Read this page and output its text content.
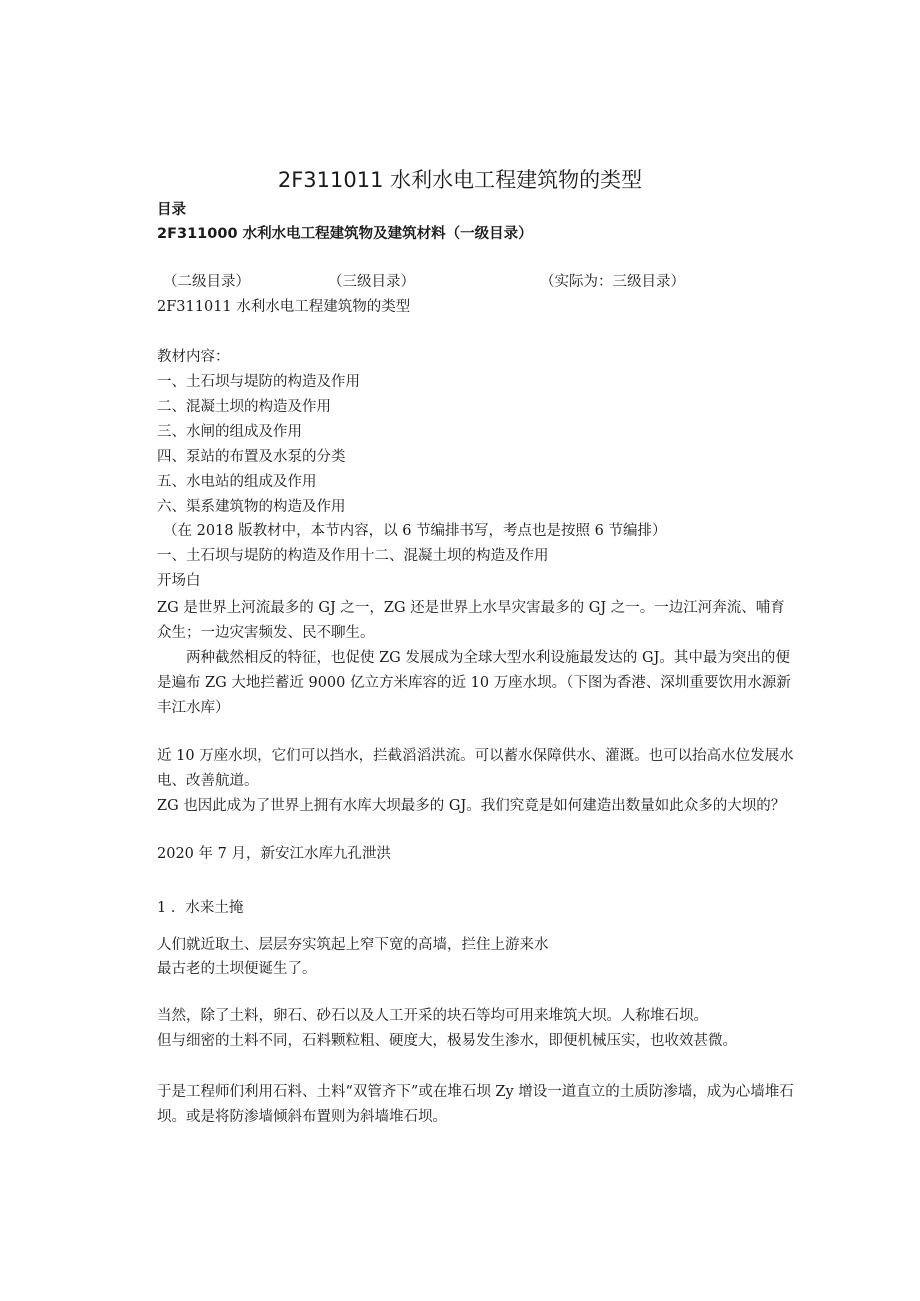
2F311011 水利水电工程建筑物的类型
目录
2F311000 水利水电工程建筑物及建筑材料（一级目录）
（二级目录）	（三级目录）	（实际为：三级目录）
2F311011 水利水电工程建筑物的类型
教材内容：
一、土石坝与堤防的构造及作用
二、混凝土坝的构造及作用
三、水闸的组成及作用
四、泵站的布置及水泵的分类
五、水电站的组成及作用
六、渠系建筑物的构造及作用
（在 2018 版教材中，本节内容，以 6 节编排书写，考点也是按照 6 节编排）
一、土石坝与堤防的构造及作用十二、混凝土坝的构造及作用
开场白
ZG 是世界上河流最多的 GJ 之一，ZG 还是世界上水旱灾害最多的 GJ 之一。一边江河奔流、哺育众生；一边灾害频发、民不聊生。
两种截然相反的特征，也促使 ZG 发展成为全球大型水利设施最发达的 GJ。其中最为突出的便是遍布 ZG 大地拦蓄近 9000 亿立方米库容的近 10 万座水坝。（下图为香港、深圳重要饮用水源新丰江水库）
近 10 万座水坝，它们可以挡水，拦截滔滔洪流。可以蓄水保障供水、灌溉。也可以抬高水位发展水电、改善航道。
ZG 也因此成为了世界上拥有水库大坝最多的 GJ。我们究竟是如何建造出数量如此众多的大坝的？
2020 年 7 月，新安江水库九孔泄洪
1 ．水来土掩
人们就近取土、层层夯实筑起上窄下宽的高墙，拦住上游来水
最古老的土坝便诞生了。
当然，除了土料，卵石、砂石以及人工开采的块石等均可用来堆筑大坝。人称堆石坝。
但与细密的土料不同，石料颗粒粗、硬度大，极易发生渗水，即便机械压实，也收效甚微。
于是工程师们利用石料、土料“双管齐下”或在堆石坝 Zy 增设一道直立的土质防渗墙，成为心墙堆石坝。或是将防渗墙倾斜布置则为斜墙堆石坝。
